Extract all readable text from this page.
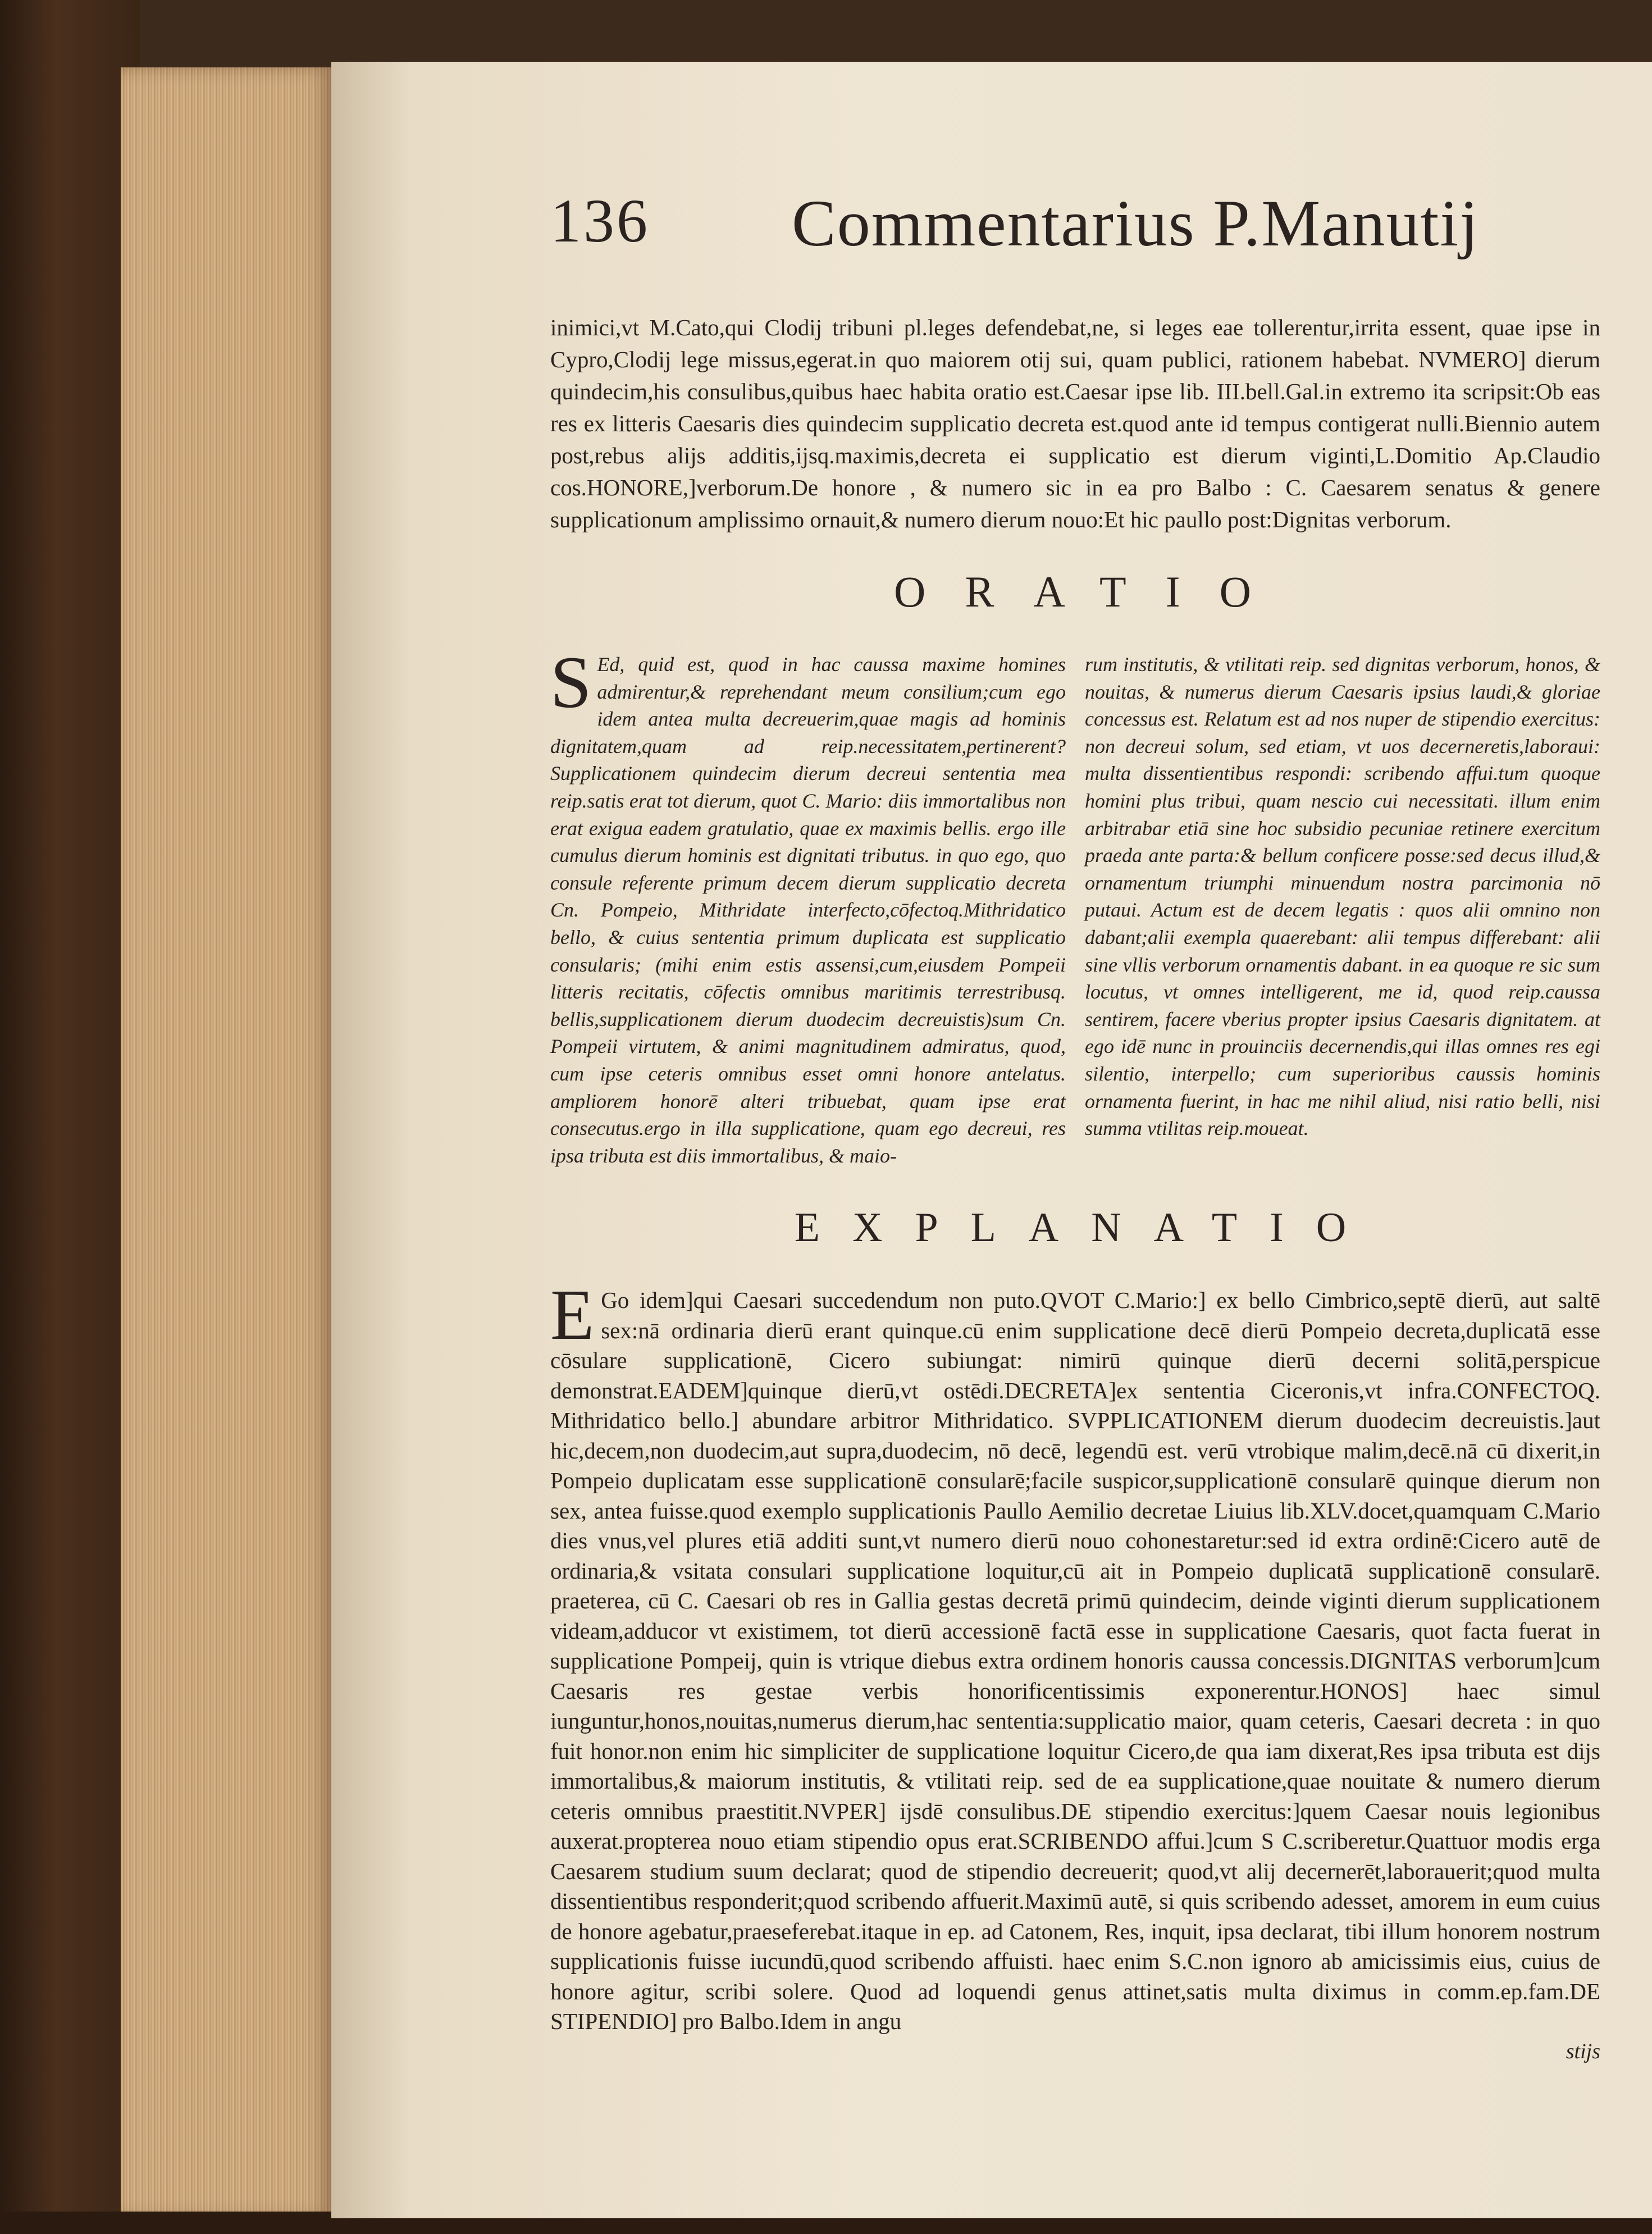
136 Commentarius P.Manutij

inimici,vt M.Cato,qui Clodij tribuni pl.leges defendebat,ne, si leges eae tollerentur,irrita essent, quae ipse in Cypro,Clodij lege missus,egerat.in quo maiorem otij sui, quam publici, rationem habebat. NVMERO] dierum quindecim,his consulibus,quibus haec habita oratio est.Caesar ipse lib. III.bell.Gal.in extremo ita scripsit:Ob eas res ex litteris Caesaris dies quindecim supplicatio decreta est.quod ante id tempus contigerat nulli.Biennio autem post,rebus alijs additis,ijsq.maximis,decreta ei supplicatio est dierum viginti,L.Domitio Ap.Claudio cos.HONORE,]verborum.De honore , & numero sic in ea pro Balbo : C. Caesarem senatus & genere supplicationum amplissimo ornauit,& numero dierum nouo:Et hic paullo post:Dignitas verborum.

ORATIO
S Ed, quid est, quod in hac caussa maxime homines admirentur,& reprehendant meum consilium;cum ego idem antea multa decreuerim,quae magis ad hominis dignitatem,quam ad reip.necessitatem,pertinerent? Supplicationem quindecim dierum decreui sententia mea reip.satis erat tot dierum, quot C. Mario: diis immortalibus non erat exigua eadem gratulatio, quae ex maximis bellis. ergo ille cumulus dierum hominis est dignitati tributus. in quo ego, quo consule referente primum decem dierum supplicatio decreta Cn. Pompeio, Mithridate interfecto,cōfectoq.Mithridatico bello, & cuius sententia primum duplicata est supplicatio consularis; (mihi enim estis assensi,cum,eiusdem Pompeii litteris recitatis, cōfectis omnibus maritimis terrestribusq. bellis,supplicationem dierum duodecim decreuistis)sum Cn. Pompeii virtutem, & animi magnitudinem admiratus, quod, cum ipse ceteris omnibus esset omni honore antelatus. ampliorem honorē alteri tribuebat, quam ipse erat consecutus.ergo in illa supplicatione, quam ego decreui, res ipsa tributa est diis immortalibus, & maio-
rum institutis, & vtilitati reip. sed dignitas verborum, honos, & nouitas, & numerus dierum Caesaris ipsius laudi,& gloriae concessus est. Relatum est ad nos nuper de stipendio exercitus: non decreui solum, sed etiam, vt uos decerneretis,laboraui: multa dissentientibus respondi: scribendo affui.tum quoque homini plus tribui, quam nescio cui necessitati. illum enim arbitrabar etiā sine hoc subsidio pecuniae retinere exercitum praeda ante parta:& bellum conficere posse:sed decus illud,& ornamentum triumphi minuendum nostra parcimonia nō putaui. Actum est de decem legatis : quos alii omnino non dabant;alii exempla quaerebant: alii tempus differebant: alii sine vllis verborum ornamentis dabant. in ea quoque re sic sum locutus, vt omnes intelligerent, me id, quod reip.caussa sentirem, facere vberius propter ipsius Caesaris dignitatem. at ego idē nunc in prouinciis decernendis,qui illas omnes res egi silentio, interpello; cum superioribus caussis hominis ornamenta fuerint, in hac me nihil aliud, nisi ratio belli, nisi summa vtilitas reip.moueat.
EXPLANATIO
E Go idem]qui Caesari succedendum non puto.QVOT C.Mario:] ex bello Cimbrico,septē dierū, aut saltē sex:nā ordinaria dierū erant quinque.cū enim supplicatione decē dierū Pompeio decreta,duplicatā esse cōsulare supplicationē, Cicero subiungat: nimirū quinque dierū decerni solitā,perspicue demonstrat.EADEM]quinque dierū,vt ostēdi.DECRETA]ex sententia Ciceronis,vt infra.CONFECTOQ. Mithridatico bello.] abundare arbitror Mithridatico. SVPPLICATIONEM dierum duodecim decreuistis.]aut hic,decem,non duodecim,aut supra,duodecim, nō decē, legendū est. verū vtrobique malim,decē.nā cū dixerit,in Pompeio duplicatam esse supplicationē consularē;facile suspicor,supplicationē consularē quinque dierum non sex, antea fuisse.quod exemplo supplicationis Paullo Aemilio decretae Liuius lib.XLV.docet,quamquam C.Mario dies vnus,vel plures etiā additi sunt,vt numero dierū nouo cohonestaretur:sed id extra ordinē:Cicero autē de ordinaria,& vsitata consulari supplicatione loquitur,cū ait in Pompeio duplicatā supplicationē consularē. praeterea, cū C. Caesari ob res in Gallia gestas decretā primū quindecim, deinde viginti dierum supplicationem videam,adducor vt existimem, tot dierū accessionē factā esse in supplicatione Caesaris, quot facta fuerat in supplicatione Pompeij, quin is vtrique diebus extra ordinem honoris caussa concessis.DIGNITAS verborum]cum Caesaris res gestae verbis honorificentissimis exponerentur.HONOS] haec simul iunguntur,honos,nouitas,numerus dierum,hac sententia:supplicatio maior, quam ceteris, Caesari decreta : in quo fuit honor.non enim hic simpliciter de supplicatione loquitur Cicero,de qua iam dixerat,Res ipsa tributa est dijs immortalibus,& maiorum institutis, & vtilitati reip. sed de ea supplicatione,quae nouitate & numero dierum ceteris omnibus praestitit.NVPER] ijsdē consulibus.DE stipendio exercitus:]quem Caesar nouis legionibus auxerat.propterea nouo etiam stipendio opus erat.SCRIBENDO affui.]cum S C.scriberetur.Quattuor modis erga Caesarem studium suum declarat; quod de stipendio decreuerit; quod,vt alij decernerēt,laborauerit;quod multa dissentientibus responderit;quod scribendo affuerit.Maximū autē, si quis scribendo adesset, amorem in eum cuius de honore agebatur,praeseferebat.itaque in ep. ad Catonem, Res, inquit, ipsa declarat, tibi illum honorem nostrum supplicationis fuisse iucundū,quod scribendo affuisti. haec enim S.C.non ignoro ab amicissimis eius, cuius de honore agitur, scribi solere. Quod ad loquendi genus attinet,satis multa diximus in comm.ep.fam.DE STIPENDIO] pro Balbo.Idem in angu
stijs
